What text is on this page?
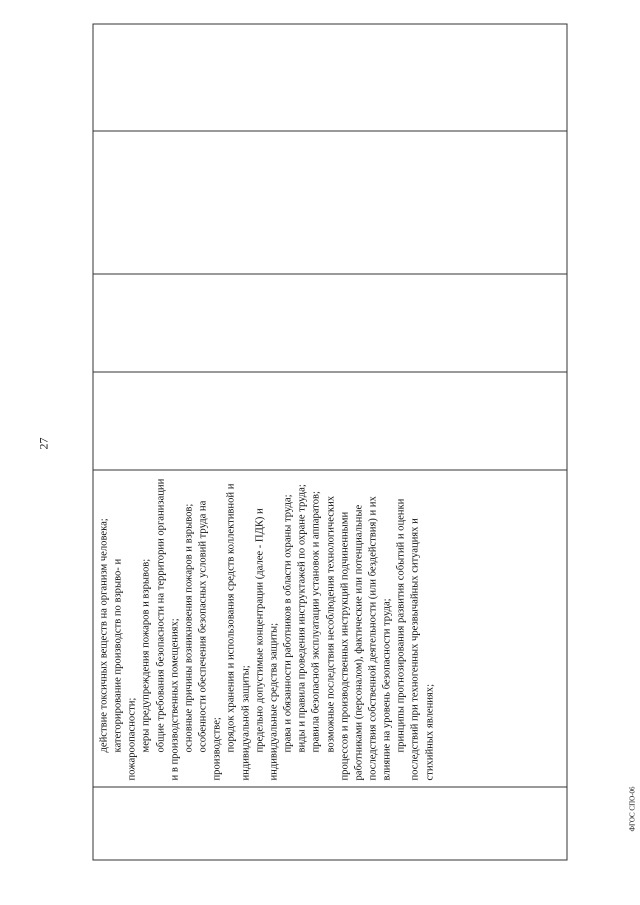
27

действие токсичных веществ на организм человека; категорирование производств по взрыво- и пожароопасности; меры предупреждения пожаров и взрывов; общие требования безопасности на территории организации и в производственных помещениях; основные причины возникновения пожаров и взрывов; особенности обеспечения безопасных условий труда на производстве; порядок хранения и использования средств коллективной и индивидуальной защиты; предельно допустимые концентрации (далее - ПДК) и индивидуальные средства защиты; права и обязанности работников в области охраны труда; виды и правила проведения инструктажей по охране труда; правила безопасной эксплуатации установок и аппаратов; возможные последствия несоблюдения технологических процессов и производственных инструкций подчиненными работниками (персоналом), фактические или потенциальные последствия собственной деятельности (или бездействия) и их влияние на уровень безопасности труда; принципы прогнозирования развития событий и оценки последствий при техногенных чрезвычайных ситуациях и стихийных явлениях;

ФГОС СПО-06
